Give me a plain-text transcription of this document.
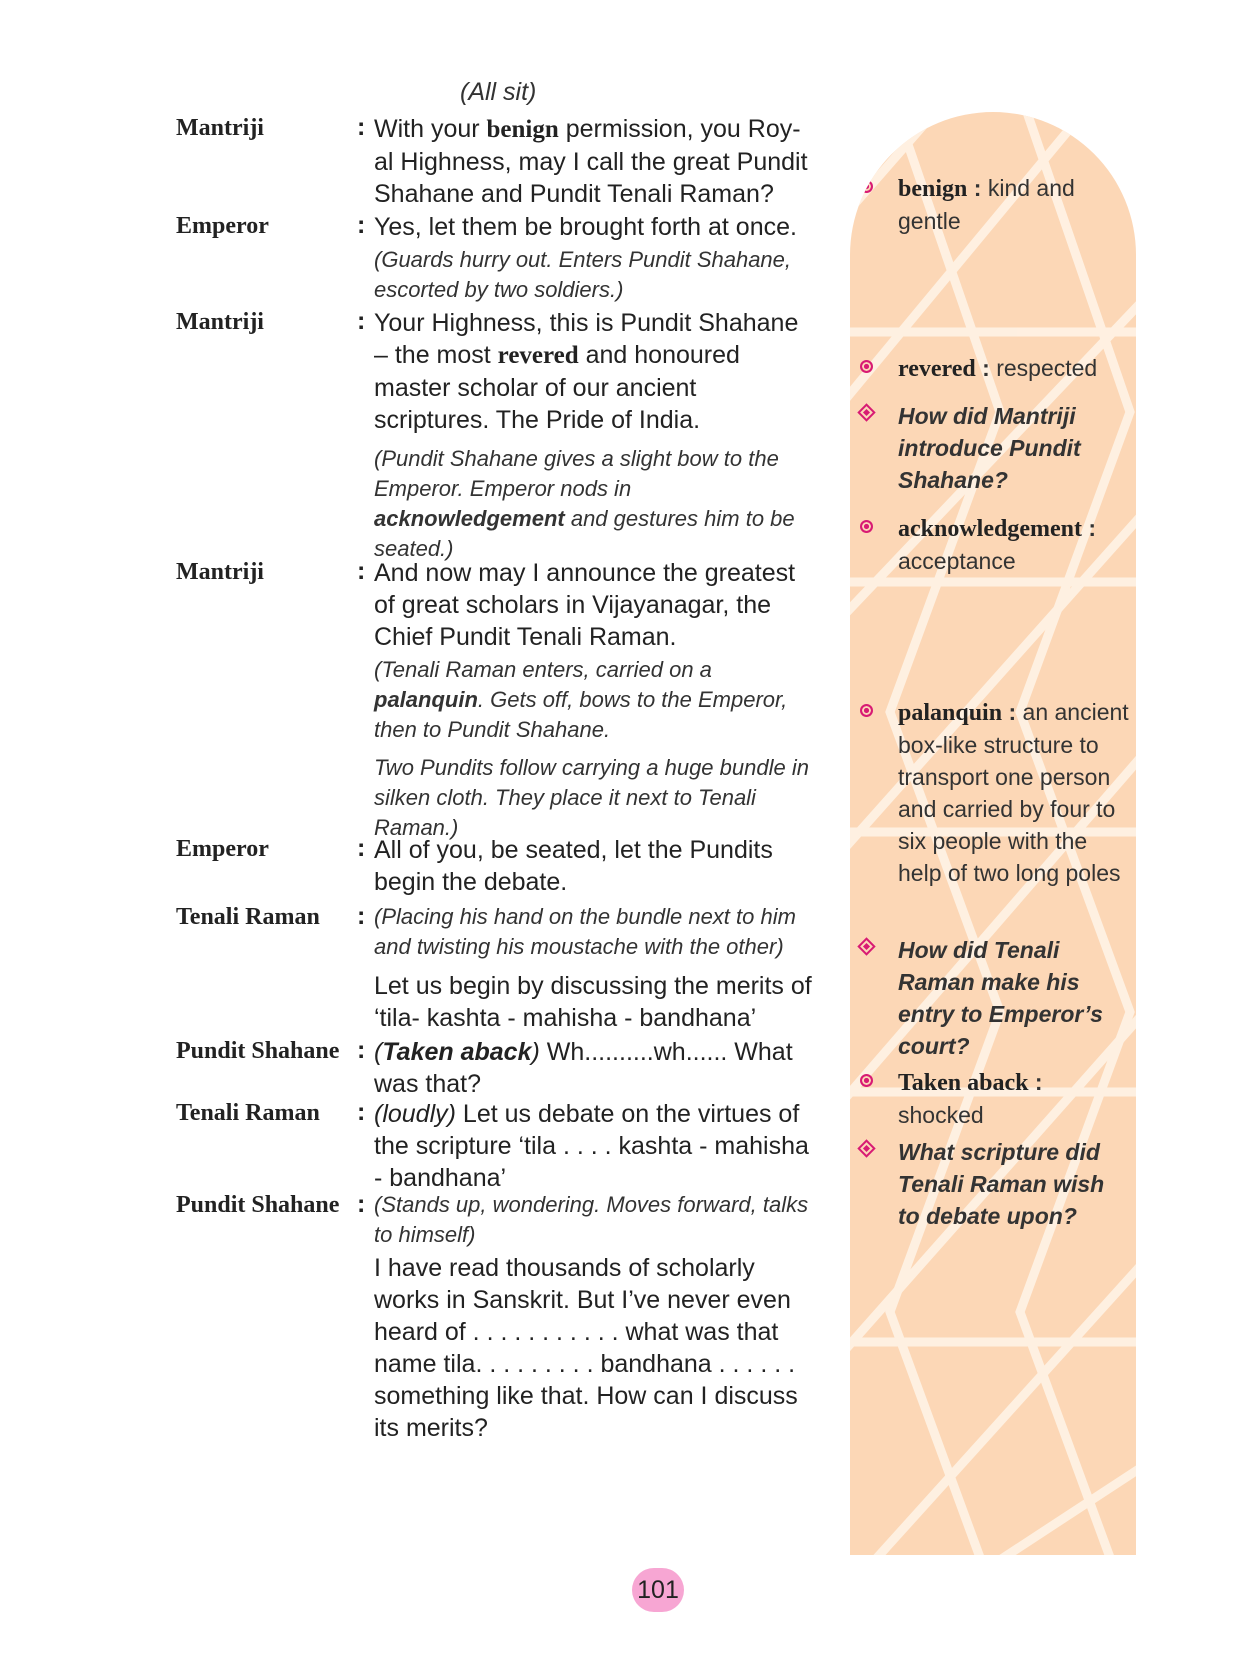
(All sit)
Mantriji	: With your benign permission, you Roy- al Highness, may I call the great Pundit Shahane and Pundit Tenali Raman?

Emperor	: Yes, let them be brought forth at once.

(Guards hurry out. Enters Pundit Shahane, escorted by two soldiers.)

Mantriji	: Your Highness, this is Pundit Shahane – the most revered and honoured master scholar of our ancient scriptures. The Pride of India.

(Pundit Shahane gives a slight bow to the Emperor. Emperor nods in acknowledgement and gestures him to be seated.)

Mantriji	: And now may I announce the greatest of great scholars in Vijayanagar, the Chief Pundit Tenali Raman.

(Tenali Raman enters, carried on a palanquin. Gets off, bows to the Emperor, then to Pundit Shahane.

Two Pundits follow carrying a huge bundle in silken cloth. They place it next to Tenali Raman.)

Emperor	: All of you, be seated, let the Pundits begin the debate.

Tenali Raman	: (Placing his hand on the bundle next to him and twisting his moustache with the other)

Let us begin by discussing the merits of ‘tila- kashta - mahisha - bandhana’

Pundit Shahane : (Taken aback) Wh..........wh...... What was that?

Tenali Raman	: (loudly) Let us debate on the virtues of the scripture ‘tila . . . . kashta - mahisha - bandhana’

Pundit Shahane : (Stands up, wondering. Moves forward, talks to himself)

I have read thousands of scholarly works in Sanskrit. But I’ve never even heard of . . . . . . . . . . . what was that name tila. . . . . . . . . bandhana . . . . . . something like that. How can I discuss its merits?

benign : kind and gentle
revered : respected
How did Mantriji introduce Pundit Shahane?
acknowledgement : acceptance
palanquin : an ancient box-like structure to transport one person and carried by four to six people with the help of two long poles
How did Tenali Raman make his entry to Emperor’s court?
Taken aback : shocked
What scripture did Tenali Raman wish to debate upon?
101
